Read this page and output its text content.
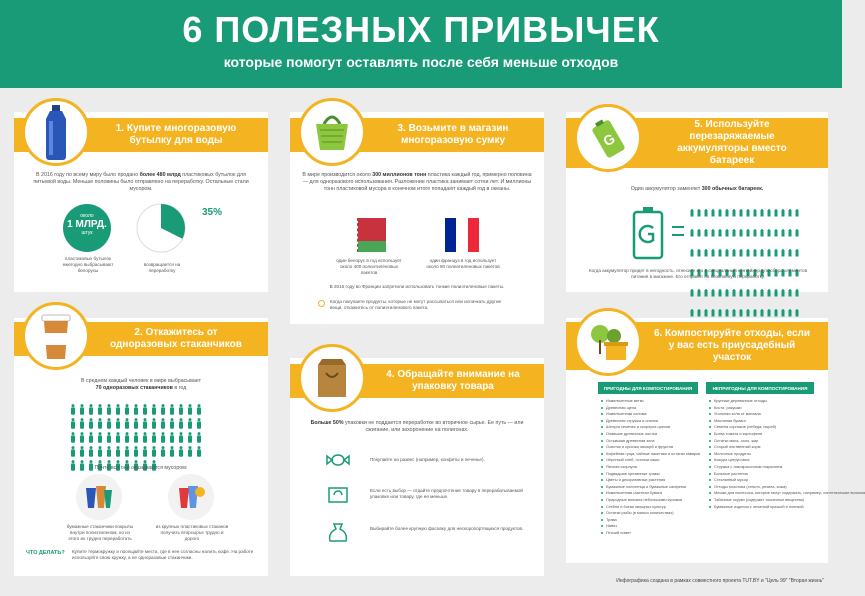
6 ПОЛЕЗНЫХ ПРИВЫЧЕК
которые помогут оставлять после себя меньше отходов
1. Купите многоразовую бутылку для воды
В 2016 году по всему миру было продано более 480 млрд пластиковых бутылок для питьевой воды. Меньше половины было отправлено на переработку. Остальные стали мусором.
около
1 МЛРД.
штук
35%
пластиковых бутылок ежегодно выбрасывают белорусы
возвращается на переработку
2. Откажитесь от одноразовых стаканчиков
В среднем каждый человек в мире выбрасывает
70 одноразовых стаканчиков в год
Почти все они оказываются мусором:
бумажные стаканчики покрыты внутри полиэтиленом, но из этого их трудно переработать
из крупных пластиковых стаканов получить вторсырье трудно и дорого
ЧТО ДЕЛАТЬ? Купите термокружку и посещайте места, где в нее согласны налить кофе. На работе используйте свою кружку, а не одноразовые стаканчики.
3. Возьмите в магазин многоразовую сумку
В мире производится около 300 миллионов тонн пластика каждый год, примерно половина — для одноразового использования. Разложение пластика занимает сотни лет. И миллионы тонн пластиковой мусора в конечном итоге попадают каждый год в океаны.
один белорус в год использует около 400 полиэтиленовых пакетов
один француз в год использует около 80 полиэтиленовых пакетов
В 2016 году во Франции запретили использовать тонкие полиэтиленовые пакеты.
Когда покупаете продукты, которые не могут рассыпаться или испачкать другие вещи, откажитесь от полиэтиленового пакета.
4. Обращайте внимание на упаковку товара
Больше 50% упаковки не поддается переработке во вторичное сырье. Ее путь — или сжигание, или захоронение на полигонах.
Покупайте на развес (например, конфеты и печенье).
Если есть выбор — отдайте предпочтение товару в перерабатываемой упаковке или товару, где ее меньше.
Выбирайте более крупную фасовку для нескоропортящихся продуктов.
5. Используйте перезаряжаемые аккумуляторы вместо батареек
G
Один аккумулятор заменяет 300 обычных батареек.
Когда аккумулятор придет в негодность, отнесите его в специальный контейнер для сбора элементов питания в магазине. Его отправят на безопасную переработку.
6. Компостируйте отходы, если у вас есть приусадебный участок
ПРИГОДНЫ ДЛЯ КОМПОСТИРОВАНИЯ	НЕПРИГОДНЫ ДЛЯ КОМПОСТИРОВАНИЯ
Измельченные ветки
Древесная щепа
Измельченная солома
Древесная стружка и опилки
Шелуха семечек и скорлупа орехов
Опавшие древесные листья
Остывшая древесная зола
Очистки и кусочки овощей и фруктов
Кофейная гуща, чайные пакетики и остатки заварки
Чёрствый хлеб, остатки каши
Яичная скорлупа
Подвядшие срезанные травы
Цветы и декоративные растения
Бумажные полотенца и бумажные салфетки
Измельченная газетная бумага
Природные волокна небольшими кусками
Стебли и ботва овощных культур
Остатки рыбы (в малых количествах)
Трава
Навоз
Птичий помет
Крупные деревянные отходы
Кости, ракушки
Угольная зола от мангала
Масляная бумага
Семена сорняков (лебеда, пырей)
Ботва томата и картофеля
Остатки мяса, сало, жир
Старый лиственный корм
Молочные продукты
Кожура цитрусовых
Стружка с лакокрасочным покрытием
Больные растения
Стеклянный мусор
Отходы пластика (стекло, резина, кожа)
Мешки для пылесоса, которые могут содержать, например, синтетические волокна
Табачные окурки (содержат токсичные вещества)
Бумажные изделия с печатной краской и пленкой
Инфографика создана в рамках совместного проекта TUT.BY и "Цель 99" "Вторая жизнь"
